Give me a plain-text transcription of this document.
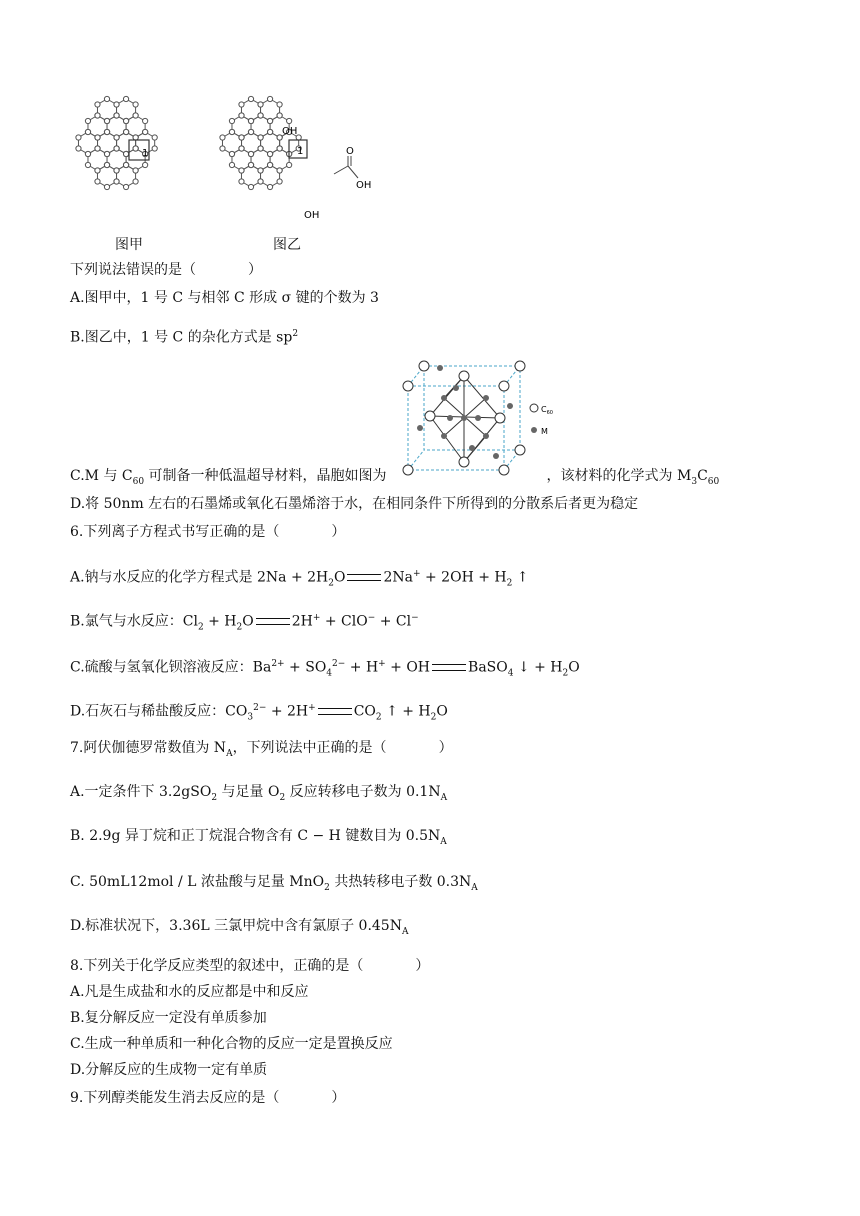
1
图甲
1
OH
OH
O
OH
图乙
下列说法错误的是（	）
A.图甲中，1 号 C 与相邻 C 形成 σ 键的个数为 3
B.图乙中，1 号 C 的杂化方式是 $sp^2$
$C_{60}$
M
C.M 与 $C_{60}$ 可制备一种低温超导材料，晶胞如图为	，该材料的化学式为 $M_3C_{60}$
D.将 50nm 左右的石墨烯或氧化石墨烯溶于水，在相同条件下所得到的分散系后者更为稳定
6.下列离子方程式书写正确的是（	）
A.钠与水反应的化学方程式是 $2Na + 2H_2O$	$2Na^+ + 2OH + H_2$ ↑
B.氯气与水反应：$Cl_2 + H_2O$	2H+ + ClO− + Cl−
C.硫酸与氢氧化钡溶液反应：$Ba^{2+} + SO_4^{2-} + H^+$ + OH	BaSO$_4$ ↓ + $H_2O$
D.石灰石与稀盐酸反应：$CO_3^{2-} + 2H^+$	$CO_2$ ↑ + $H_2O$
7.阿伏伽德罗常数值为 $N_A$，下列说法中正确的是（	）
A.一定条件下 3.2gSO$_2$ 与足量 $O_2$ 反应转移电子数为 $0.1N_A$
B. 2.9g 异丁烷和正丁烷混合物含有 C − H 键数目为 $0.5N_A$
C. 50mL12mol / L 浓盐酸与足量 MnO$_2$ 共热转移电子数 $0.3N_A$
D.标准状况下，3.36L 三氯甲烷中含有氯原子 $0.45N_A$
8.下列关于化学反应类型的叙述中，正确的是（	）
A.凡是生成盐和水的反应都是中和反应
B.复分解反应一定没有单质参加
C.生成一种单质和一种化合物的反应一定是置换反应
D.分解反应的生成物一定有单质
9.下列醇类能发生消去反应的是（	）
